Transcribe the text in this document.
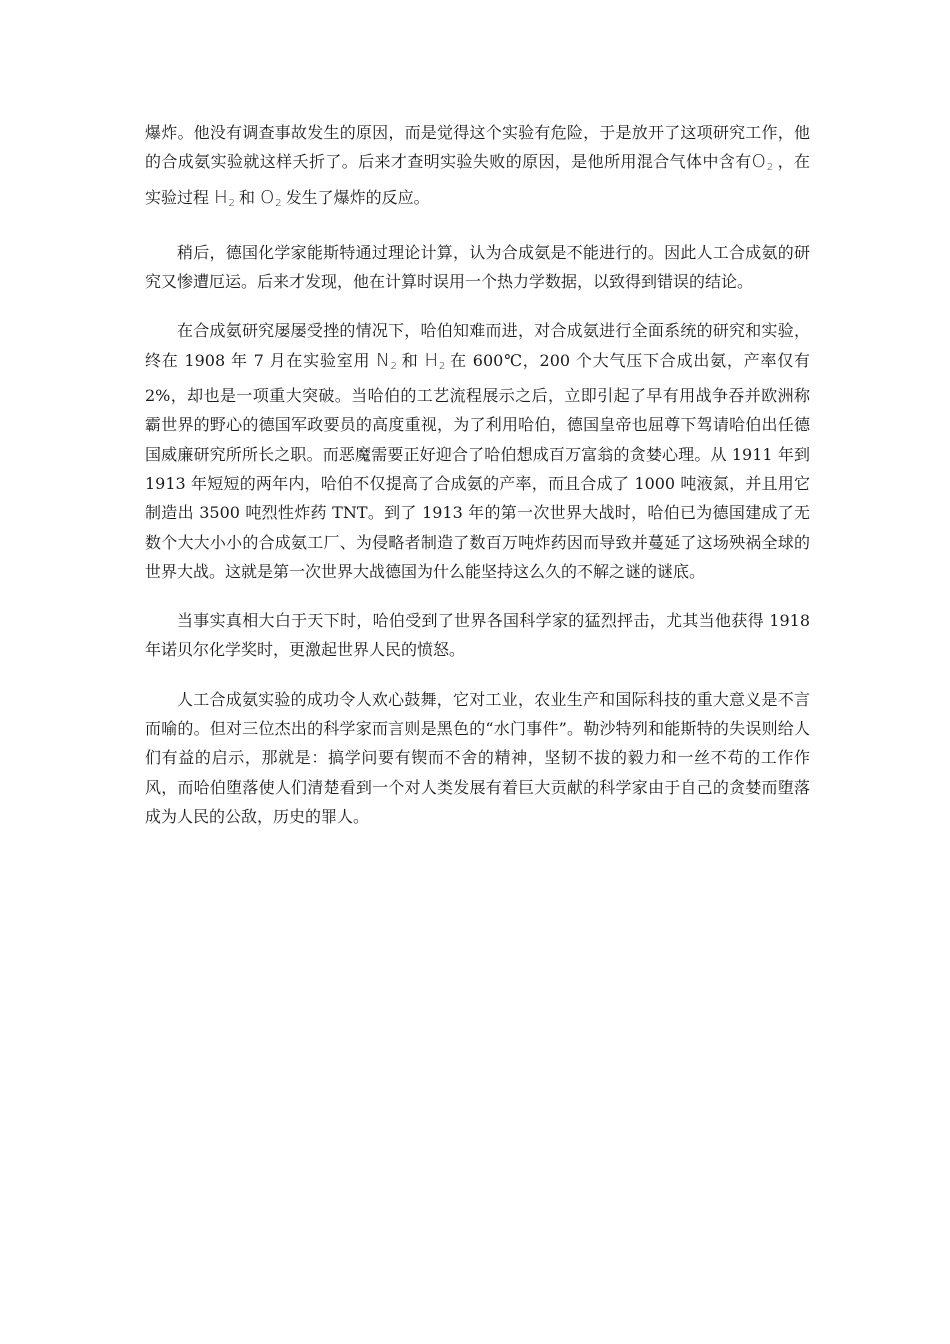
爆炸。他没有调查事故发生的原因，而是觉得这个实验有危险，于是放开了这项研究工作，他的合成氨实验就这样夭折了。后来才查明实验失败的原因，是他所用混合气体中含有$O_2$ ，在实验过程 $H_2$ 和 $O_2$ 发生了爆炸的反应。

稍后，德国化学家能斯特通过理论计算，认为合成氨是不能进行的。因此人工合成氨的研究又惨遭厄运。后来才发现，他在计算时误用一个热力学数据，以致得到错误的结论。

在合成氨研究屡屡受挫的情况下，哈伯知难而进，对合成氨进行全面系统的研究和实验，终在 1908 年 7 月在实验室用 $N_2$ 和 $H_2$ 在 600℃，200 个大气压下合成出氨，产率仅有 2%，却也是一项重大突破。当哈伯的工艺流程展示之后，立即引起了早有用战争吞并欧洲称霸世界的野心的德国军政要员的高度重视，为了利用哈伯，德国皇帝也屈尊下驾请哈伯出任德国威廉研究所所长之职。而恶魔需要正好迎合了哈伯想成百万富翁的贪婪心理。从 1911 年到 1913 年短短的两年内，哈伯不仅提高了合成氨的产率，而且合成了 1000 吨液氮，并且用它制造出 3500 吨烈性炸药 TNT。到了 1913 年的第一次世界大战时，哈伯已为德国建成了无数个大大小小的合成氨工厂、为侵略者制造了数百万吨炸药因而导致并蔓延了这场殃祸全球的世界大战。这就是第一次世界大战德国为什么能坚持这么久的不解之谜的谜底。

当事实真相大白于天下时，哈伯受到了世界各国科学家的猛烈抨击，尤其当他获得 1918 年诺贝尔化学奖时，更激起世界人民的愤怒。

人工合成氨实验的成功令人欢心鼓舞，它对工业，农业生产和国际科技的重大意义是不言而喻的。但对三位杰出的科学家而言则是黑色的“水门事件”。勒沙特列和能斯特的失误则给人们有益的启示，那就是：搞学问要有锲而不舍的精神，坚韧不拔的毅力和一丝不苟的工作作风，而哈伯堕落使人们清楚看到一个对人类发展有着巨大贡献的科学家由于自己的贪婪而堕落成为人民的公敌，历史的罪人。
